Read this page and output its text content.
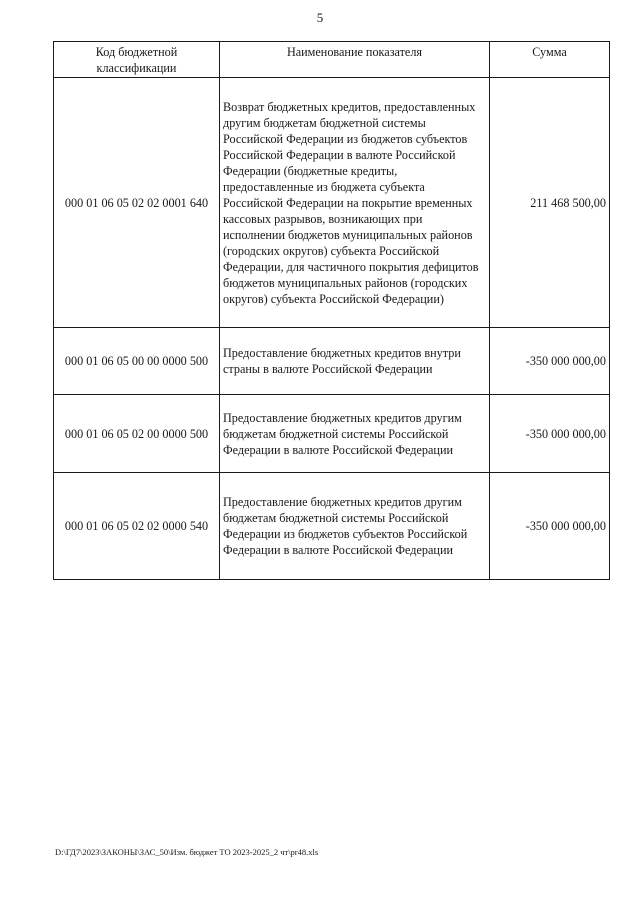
5
Код бюджетной классификации	Наименование показателя	Сумма
000 01 06 05 02 02 0001 640	Возврат бюджетных кредитов, предоставленных другим бюджетам бюджетной системы Российской Федерации из бюджетов субъектов Российской Федерации в валюте Российской Федерации (бюджетные кредиты, предоставленные из бюджета субъекта Российской Федерации на покрытие временных кассовых разрывов, возникающих при исполнении бюджетов муниципальных районов (городских округов) субъекта Российской Федерации, для частичного покрытия дефицитов бюджетов муниципальных районов (городских округов) субъекта Российской Федерации)	211 468 500,00
000 01 06 05 00 00 0000 500	Предоставление бюджетных кредитов внутри страны в валюте Российской Федерации	-350 000 000,00
000 01 06 05 02 00 0000 500	Предоставление бюджетных кредитов другим бюджетам бюджетной системы Российской Федерации в валюте Российской Федерации	-350 000 000,00
000 01 06 05 02 02 0000 540	Предоставление бюджетных кредитов другим бюджетам бюджетной системы Российской Федерации из бюджетов субъектов Российской Федерации в валюте Российской Федерации	-350 000 000,00
D:\ГД7\2023\ЗАКОНЫ\ЗАС_50\Изм. бюджет ТО 2023-2025_2 чт\pr48.xls
